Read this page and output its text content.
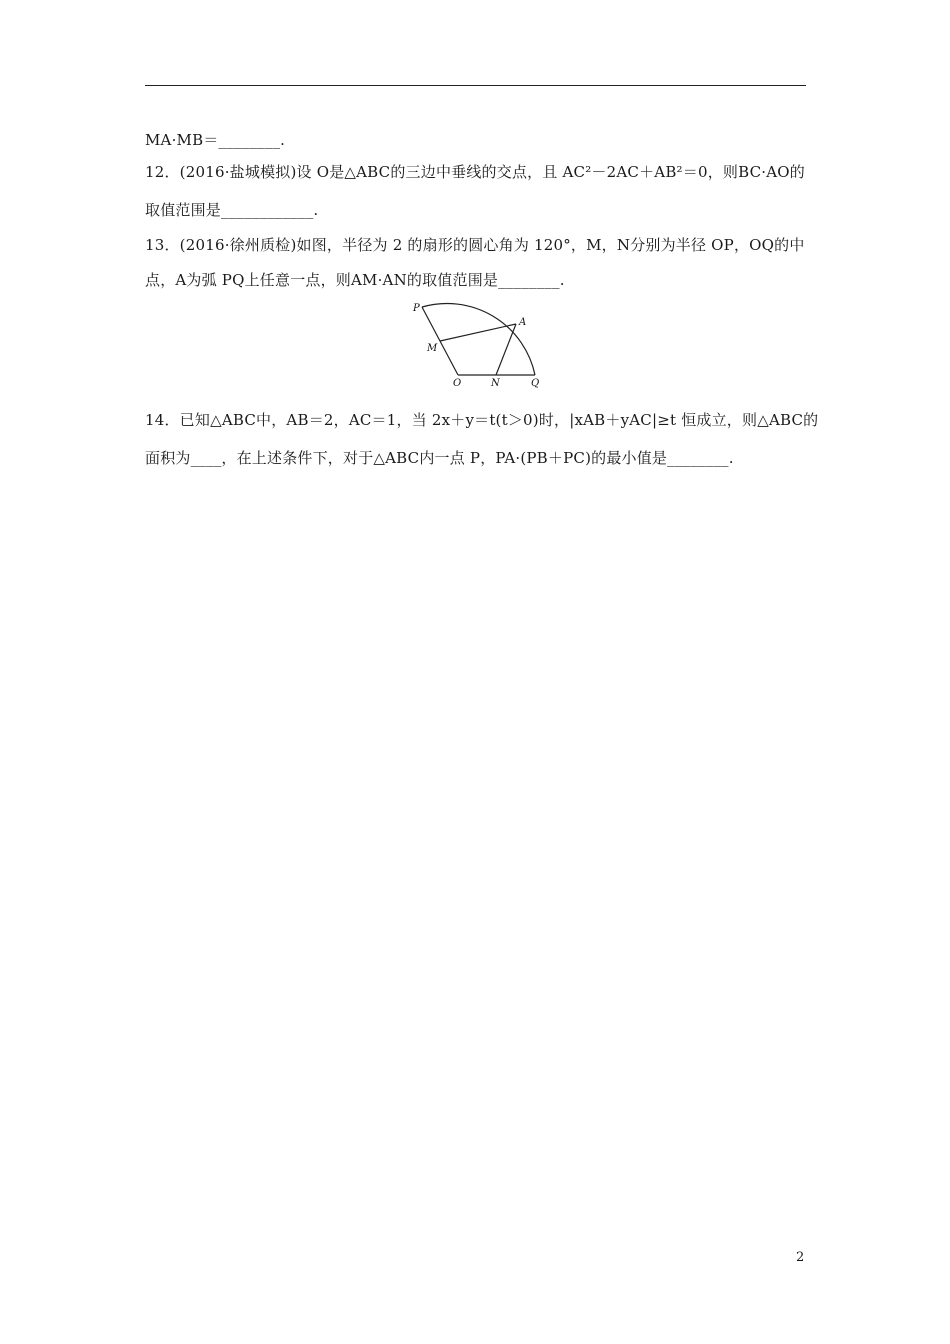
MA·MB＝________.
12．(2016·盐城模拟)设 O是△ABC的三边中垂线的交点，且 AC²－2AC＋AB²＝0，则BC·AO的
取值范围是____________.
13．(2016·徐州质检)如图，半径为 2 的扇形的圆心角为 120°，M，N分别为半径 OP，OQ的中
点，A为弧 PQ上任意一点，则AM·AN的取值范围是________.
P
A
M
O	N	Q
14．已知△ABC中，AB＝2，AC＝1，当 2x＋y＝t(t＞0)时，|xAB＋yAC|≥t 恒成立，则△ABC的
面积为____，在上述条件下，对于△ABC内一点 P，PA·(PB＋PC)的最小值是________.
2
